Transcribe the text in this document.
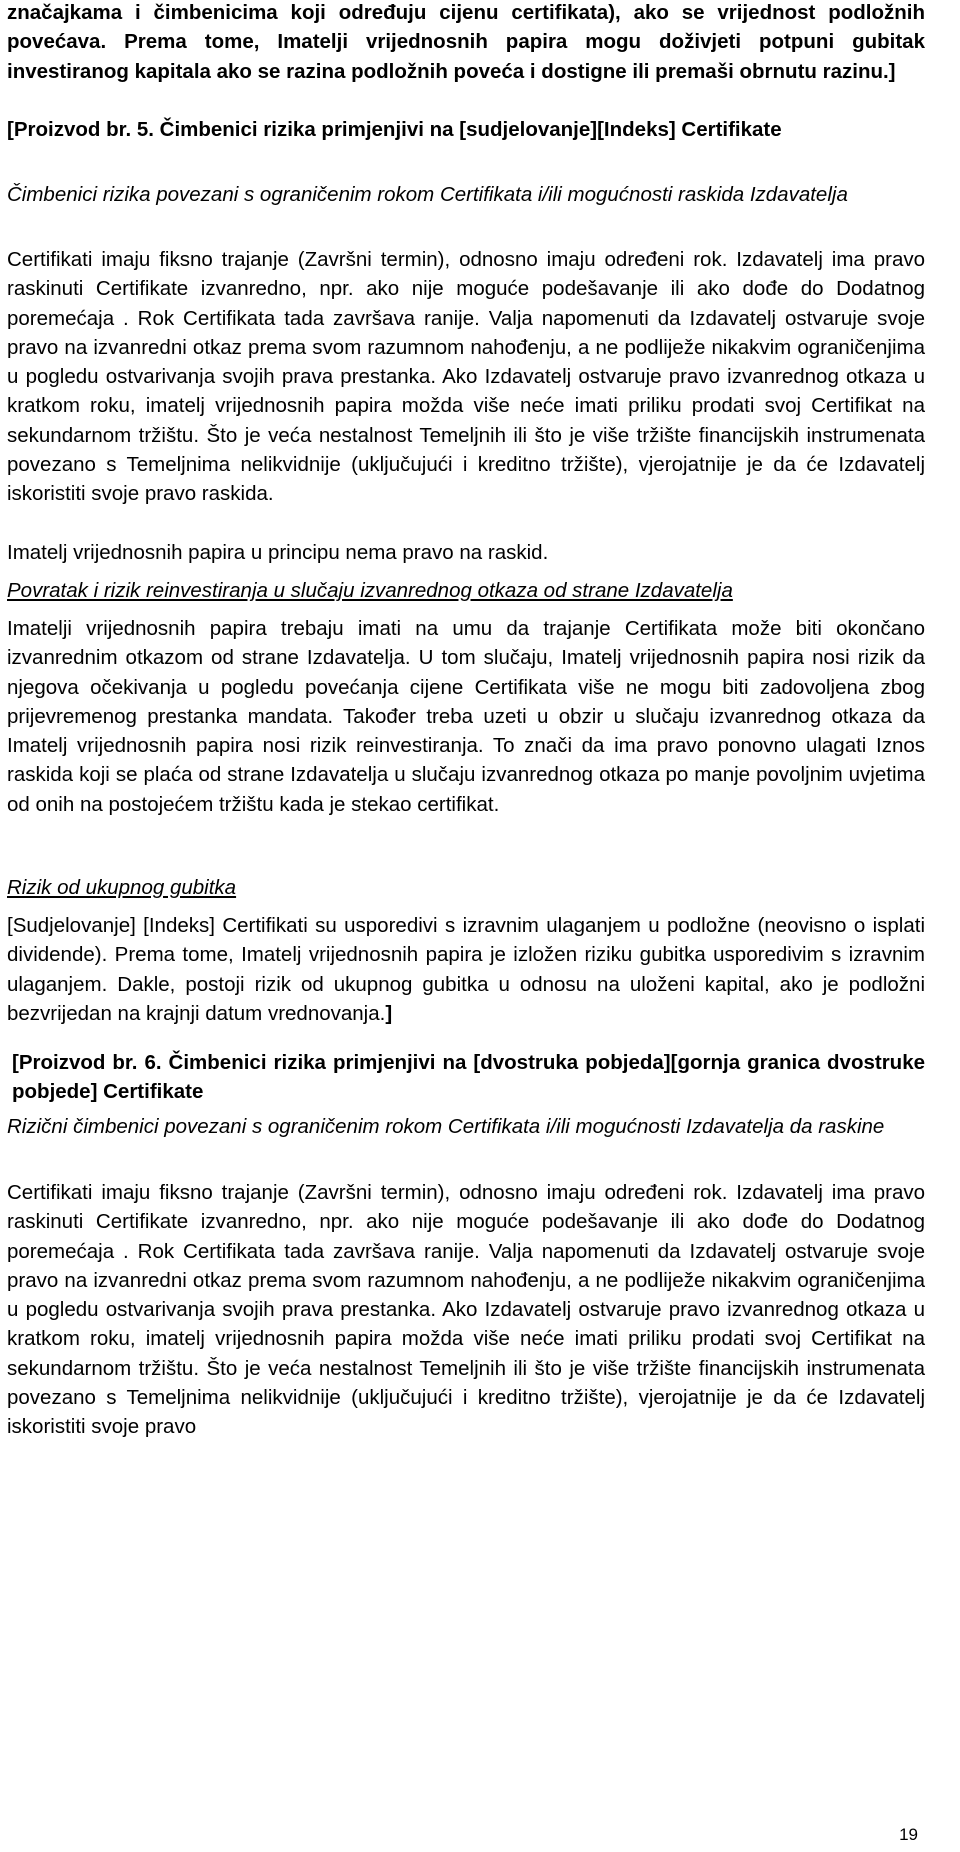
značajkama i čimbenicima koji određuju cijenu certifikata), ako se vrijednost podložnih povećava. Prema tome, Imatelji vrijednosnih papira mogu doživjeti potpuni gubitak investiranog kapitala ako se razina podložnih poveća i dostigne ili premaši obrnutu razinu.]

[Proizvod br. 5. Čimbenici rizika primjenjivi na [sudjelovanje][Indeks] Certifikate

Čimbenici rizika povezani s ograničenim rokom Certifikata i/ili mogućnosti raskida Izdavatelja

Certifikati imaju fiksno trajanje (Završni termin), odnosno imaju određeni rok. Izdavatelj ima pravo raskinuti Certifikate izvanredno, npr. ako nije moguće podešavanje ili ako dođe do Dodatnog poremećaja . Rok Certifikata tada završava ranije. Valja napomenuti da Izdavatelj ostvaruje svoje pravo na izvanredni otkaz prema svom razumnom nahođenju, a ne podliježe nikakvim ograničenjima u pogledu ostvarivanja svojih prava prestanka. Ako Izdavatelj ostvaruje pravo izvanrednog otkaza u kratkom roku, imatelj vrijednosnih papira možda više neće imati priliku prodati svoj Certifikat na sekundarnom tržištu. Što je veća nestalnost Temeljnih ili što je više tržište financijskih instrumenata povezano s Temeljnima nelikvidnije (uključujući i kreditno tržište), vjerojatnije je da će Izdavatelj iskoristiti svoje pravo raskida.

Imatelj vrijednosnih papira u principu nema pravo na raskid.

Povratak i rizik reinvestiranja u slučaju izvanrednog otkaza od strane Izdavatelja

Imatelji vrijednosnih papira trebaju imati na umu da trajanje Certifikata može biti okončano izvanrednim otkazom od strane Izdavatelja. U tom slučaju, Imatelj vrijednosnih papira nosi rizik da njegova očekivanja u pogledu povećanja cijene Certifikata više ne mogu biti zadovoljena zbog prijevremenog prestanka mandata. Također treba uzeti u obzir u slučaju izvanrednog otkaza da Imatelj vrijednosnih papira nosi rizik reinvestiranja. To znači da ima pravo ponovno ulagati Iznos raskida koji se plaća od strane Izdavatelja u slučaju izvanrednog otkaza po manje povoljnim uvjetima od onih na postojećem tržištu kada je stekao certifikat.

Rizik od ukupnog gubitka

[Sudjelovanje] [Indeks] Certifikati su usporedivi s izravnim ulaganjem u podložne (neovisno o isplati dividende). Prema tome, Imatelj vrijednosnih papira je izložen riziku gubitka usporedivim s izravnim ulaganjem. Dakle, postoji rizik od ukupnog gubitka u odnosu na uloženi kapital, ako je podložni bezvrijedan na krajnji datum vrednovanja.]

[Proizvod br. 6. Čimbenici rizika primjenjivi na [dvostruka pobjeda][gornja granica dvostruke pobjede] Certifikate

Rizični čimbenici povezani s ograničenim rokom Certifikata i/ili mogućnosti Izdavatelja da raskine

Certifikati imaju fiksno trajanje (Završni termin), odnosno imaju određeni rok. Izdavatelj ima pravo raskinuti Certifikate izvanredno, npr. ako nije moguće podešavanje ili ako dođe do Dodatnog poremećaja . Rok Certifikata tada završava ranije. Valja napomenuti da Izdavatelj ostvaruje svoje pravo na izvanredni otkaz prema svom razumnom nahođenju, a ne podliježe nikakvim ograničenjima u pogledu ostvarivanja svojih prava prestanka. Ako Izdavatelj ostvaruje pravo izvanrednog otkaza u kratkom roku, imatelj vrijednosnih papira možda više neće imati priliku prodati svoj Certifikat na sekundarnom tržištu. Što je veća nestalnost Temeljnih ili što je više tržište financijskih instrumenata povezano s Temeljnima nelikvidnije (uključujući i kreditno tržište), vjerojatnije je da će Izdavatelj iskoristiti svoje pravo

19
